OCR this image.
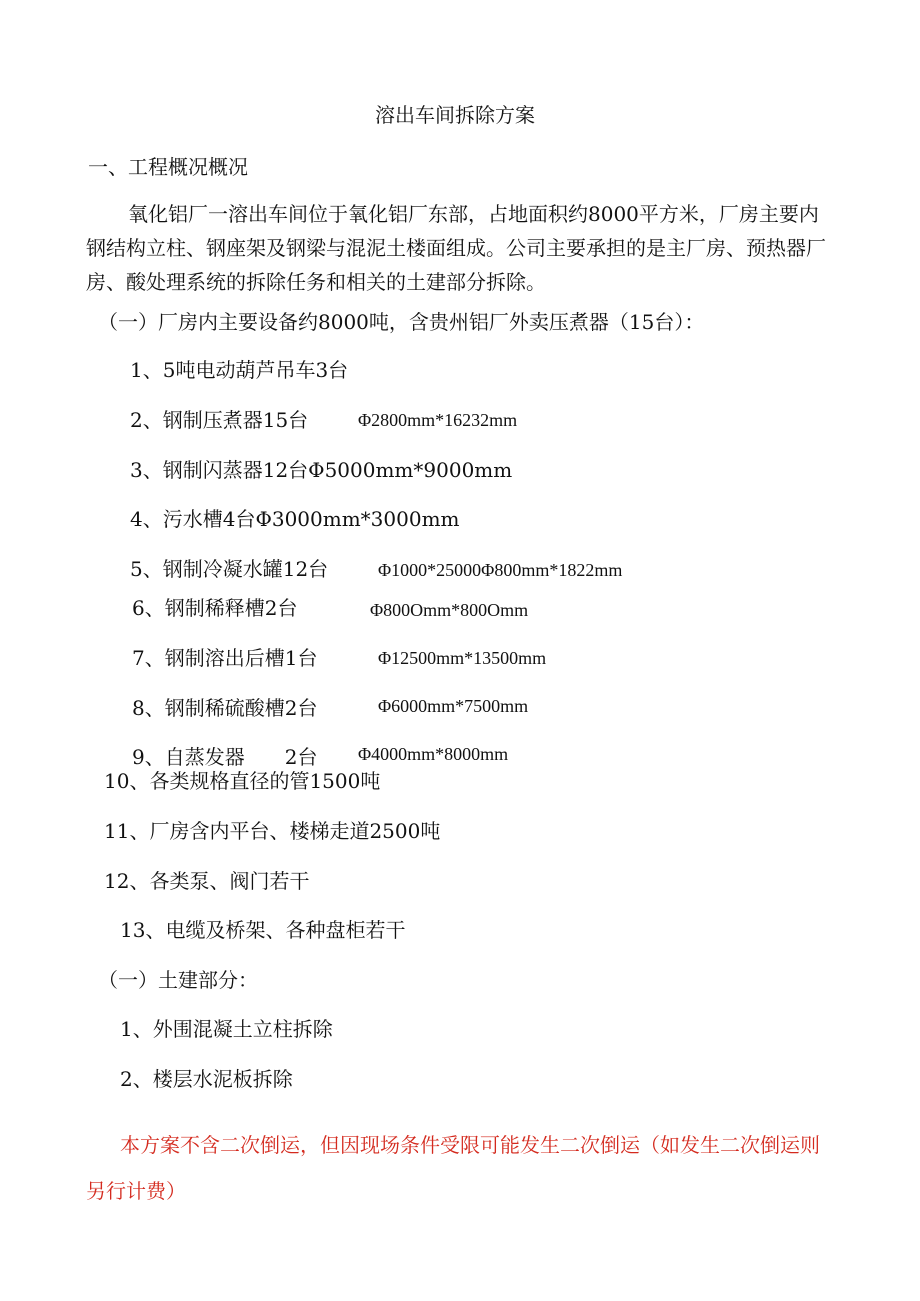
溶出车间拆除方案
一、工程概况概况
氧化铝厂一溶出车间位于氧化铝厂东部，占地面积约8000平方米，厂房主要内钢结构立柱、钢座架及钢梁与混泥土楼面组成。公司主要承担的是主厂房、预热器厂房、酸处理系统的拆除任务和相关的土建部分拆除。
（一）厂房内主要设备约8000吨，含贵州铝厂外卖压煮器（15台）：
1、5吨电动葫芦吊车3台
2、钢制压煮器15台	Φ2800mm*16232mm
3、钢制闪蒸器12台Φ5000mm*9000mm
4、污水槽4台Φ3000mm*3000mm
5、钢制冷凝水罐12台	Φ1000*25000Φ800mm*1822mm
6、钢制稀释槽2台	Φ800Omm*800Omm
7、钢制溶出后槽1台	Φ12500mm*13500mm
8、钢制稀硫酸槽2台	Φ6000mm*7500mm
9、自蒸发器　　2台 Φ4000mm*8000mm
10、各类规格直径的管1500吨
11、厂房含内平台、楼梯走道2500吨
12、各类泵、阀门若干
13、电缆及桥架、各种盘柜若干
（一）土建部分：
1、外围混凝土立柱拆除
2、楼层水泥板拆除
本方案不含二次倒运，但因现场条件受限可能发生二次倒运（如发生二次倒运则另行计费）
